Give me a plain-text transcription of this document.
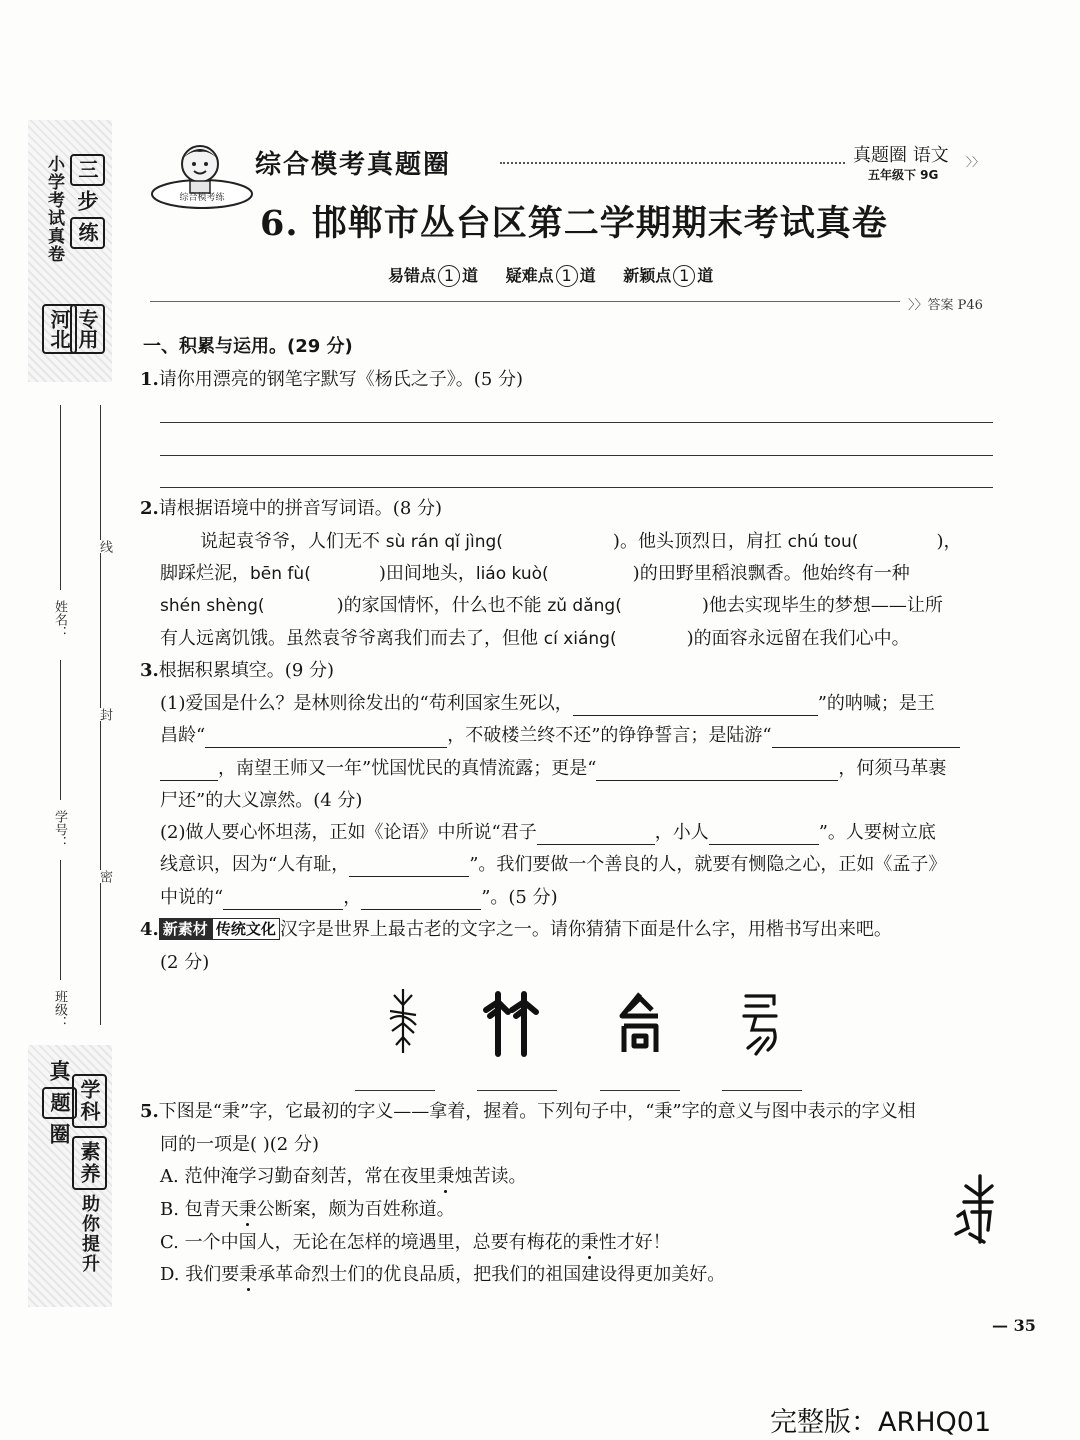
小学考试真卷 三步练
河北 专用
真题圈
学科素养助你提升
线
封
密
姓名：
学号：
班级：
综合模考练
综合模考真题圈	真题圈 语文 〉〉
五年级下 9G
6. 邯郸市丛台区第二学期期末考试真卷
易错点 1 道 疑难点 1 道 新颖点 1 道
〉〉答案 P46
一、积累与运用。(29 分)
1.请你用漂亮的钢笔字默写《杨氏之子》。(5 分)
2.请根据语境中的拼音写词语。(8 分)
说起袁爷爷，人们无不 sù rán qǐ jìng(	)。他头顶烈日，肩扛 chú tou(	)，
脚踩烂泥，bēn fù(	)田间地头，liáo kuò(	)的田野里稻浪飘香。他始终有一种
shén shèng(	)的家国情怀，什么也不能 zǔ dǎng(	)他去实现毕生的梦想——让所
有人远离饥饿。虽然袁爷爷离我们而去了，但他 cí xiáng(	)的面容永远留在我们心中。
3.根据积累填空。(9 分)
(1)爱国是什么？是林则徐发出的“苟利国家生死以，	”的呐喊；是王
昌龄“	，不破楼兰终不还”的铮铮誓言；是陆游“
，南望王师又一年”忧国忧民的真情流露；更是“	，何须马革裹
尸还”的大义凛然。(4 分)
(2)做人要心怀坦荡，正如《论语》中所说“君子	，小人	”。人要树立底
线意识，因为“人有耻，	”。我们要做一个善良的人，就要有恻隐之心，正如《孟子》
中说的“	，	”。(5 分)
4. 新素材 传统文化 汉字是世界上最古老的文字之一。请你猜猜下面是什么字，用楷书写出来吧。
(2 分)
5.下图是“秉”字，它最初的字义——拿着，握着。下列句子中，“秉”字的意义与图中表示的字义相
同的一项是( )(2 分)
A. 范仲淹学习勤奋刻苦，常在夜里秉烛苦读。
B. 包青天秉公断案，颇为百姓称道。
C. 一个中国人，无论在怎样的境遇里，总要有梅花的秉性才好！
D. 我们要秉承革命烈士们的优良品质，把我们的祖国建设得更加美好。
— 35
完整版：ARHQ01
